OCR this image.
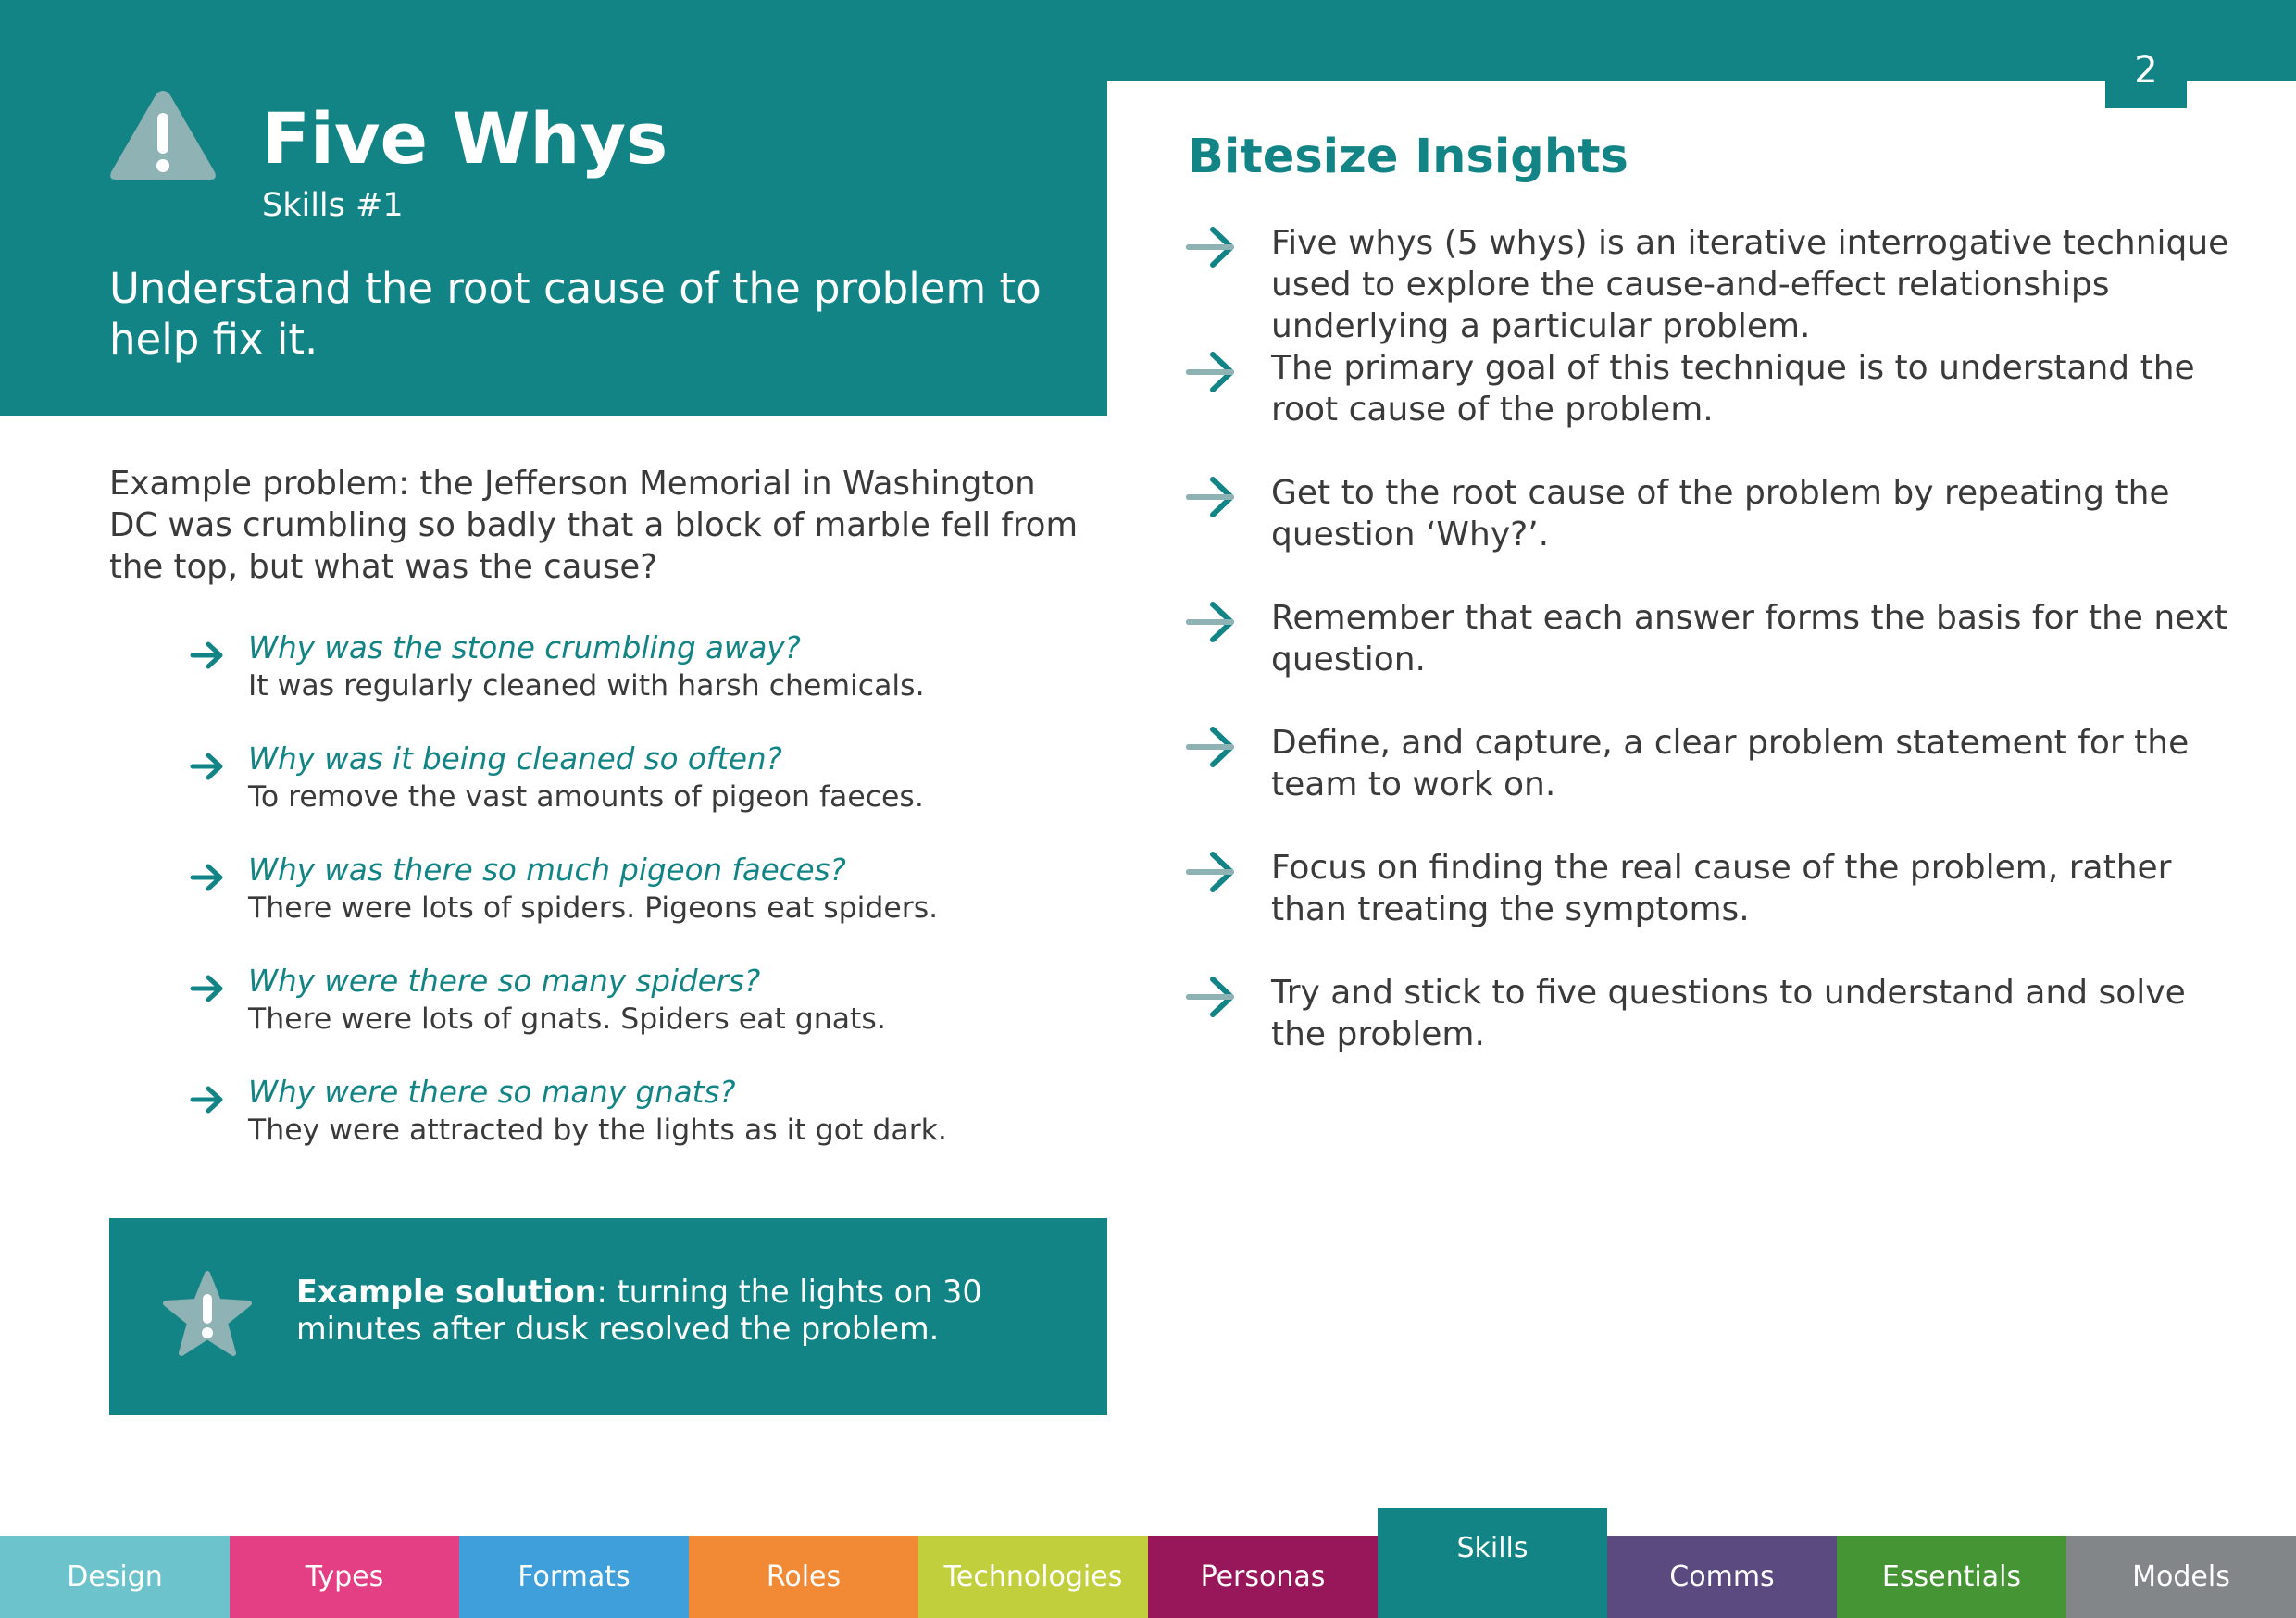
2
Five Whys
Skills #1
Understand the root cause of the problem to help fix it.
Example problem: the Jefferson Memorial in Washington DC was crumbling so badly that a block of marble fell from the top, but what was the cause?
Why was the stone crumbling away?
It was regularly cleaned with harsh chemicals.
Why was it being cleaned so often?
To remove the vast amounts of pigeon faeces.
Why was there so much pigeon faeces?
There were lots of spiders. Pigeons eat spiders.
Why were there so many spiders?
There were lots of gnats. Spiders eat gnats.
Why were there so many gnats?
They were attracted by the lights as it got dark.
Example solution: turning the lights on 30 minutes after dusk resolved the problem.
Bitesize Insights
Five whys (5 whys) is an iterative interrogative technique used to explore the cause-and-effect relationships underlying a particular problem.
The primary goal of this technique is to understand the root cause of the problem.
Get to the root cause of the problem by repeating the question ‘Why?’.
Remember that each answer forms the basis for the next question.
Define, and capture, a clear problem statement for the team to work on.
Focus on finding the real cause of the problem, rather than treating the symptoms.
Try and stick to five questions to understand and solve the problem.
Design	Types	Formats	Roles	Technologies	Personas
Skills
Comms	Essentials	Models
